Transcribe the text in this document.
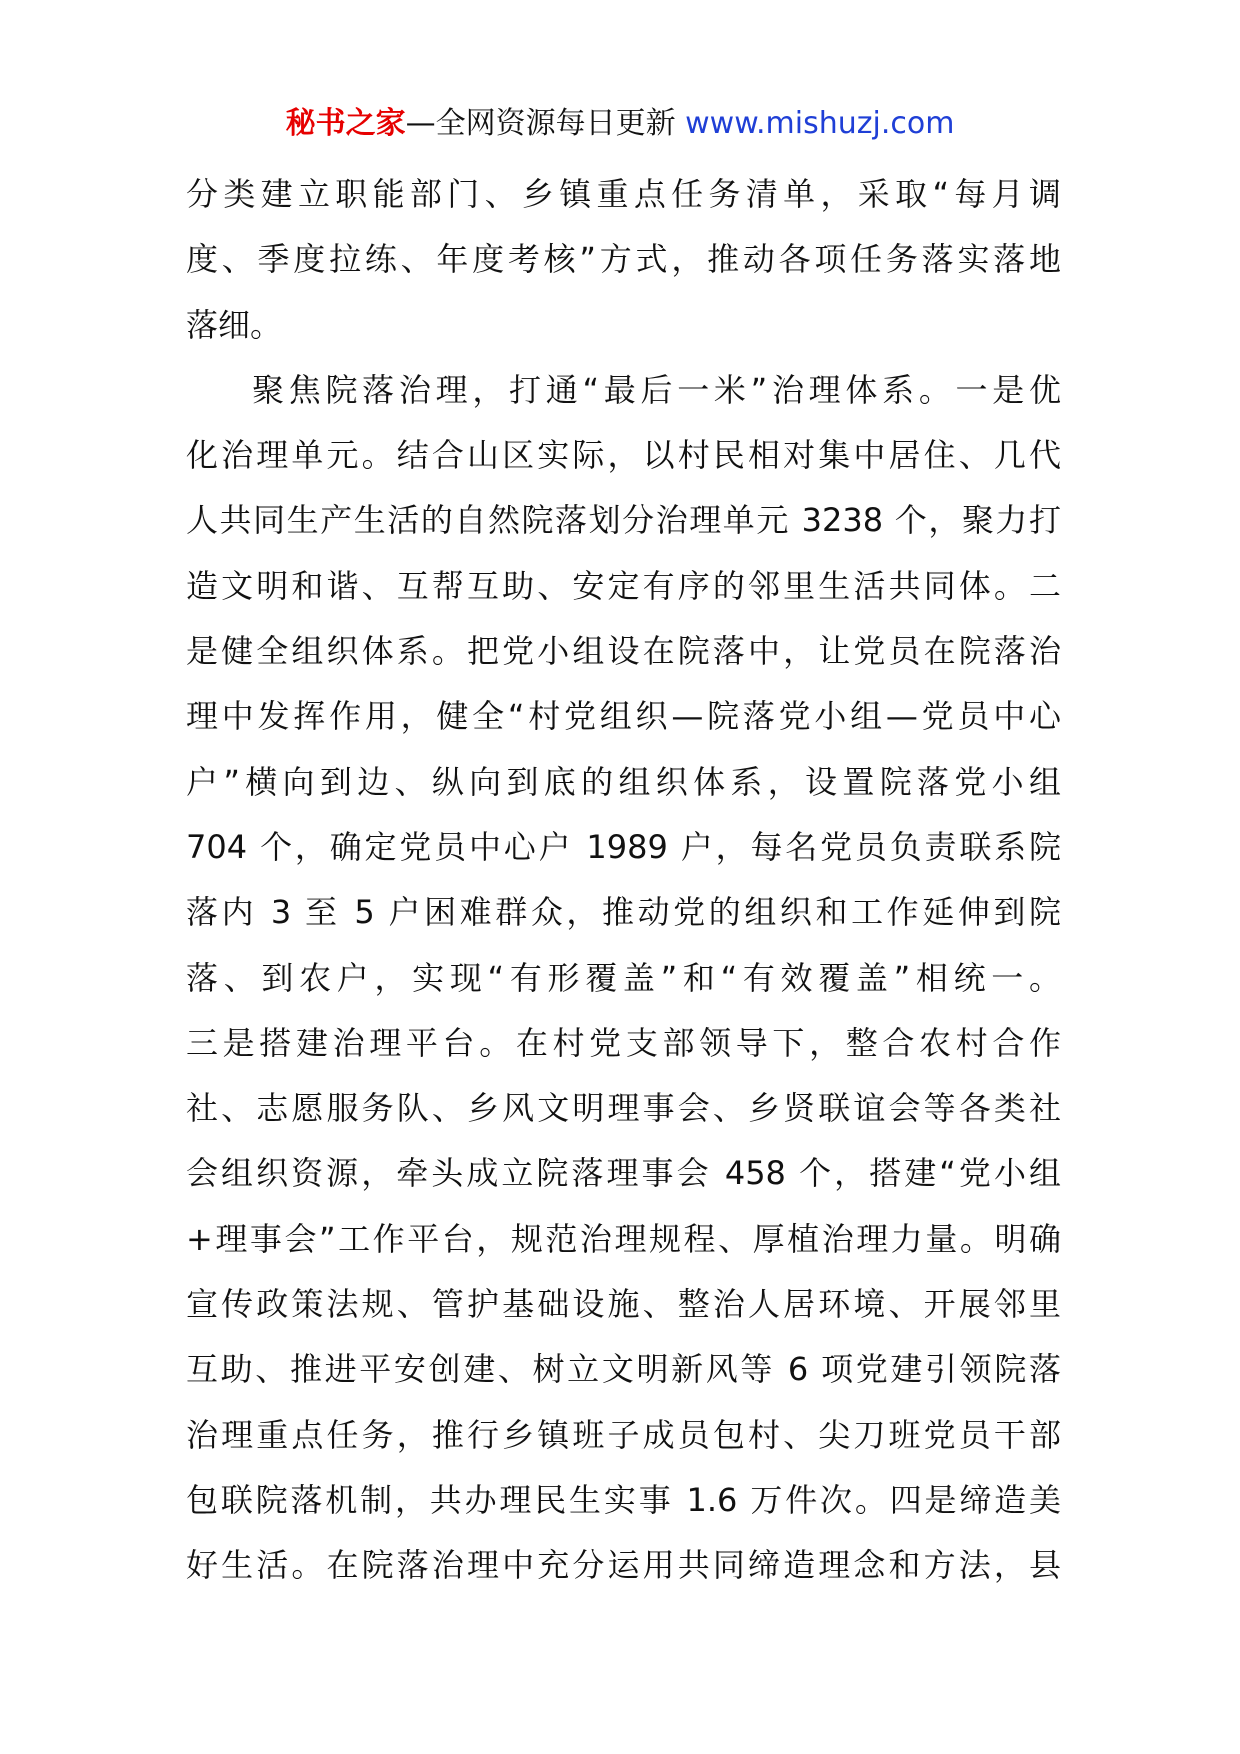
秘书之家—全网资源每日更新 www.mishuzj.com
分类建立职能部门、乡镇重点任务清单，采取“每月调
度、季度拉练、年度考核”方式，推动各项任务落实落地
落细。
聚焦院落治理，打通“最后一米”治理体系。一是优
化治理单元。结合山区实际，以村民相对集中居住、几代
人共同生产生活的自然院落划分治理单元 3238 个，聚力打
造文明和谐、互帮互助、安定有序的邻里生活共同体。二
是健全组织体系。把党小组设在院落中，让党员在院落治
理中发挥作用，健全“村党组织—院落党小组—党员中心
户”横向到边、纵向到底的组织体系，设置院落党小组
704 个，确定党员中心户 1989 户，每名党员负责联系院
落内 3 至 5 户困难群众，推动党的组织和工作延伸到院
落、到农户，实现“有形覆盖”和“有效覆盖”相统一。
三是搭建治理平台。在村党支部领导下，整合农村合作
社、志愿服务队、乡风文明理事会、乡贤联谊会等各类社
会组织资源，牵头成立院落理事会 458 个，搭建“党小组
+理事会”工作平台，规范治理规程、厚植治理力量。明确
宣传政策法规、管护基础设施、整治人居环境、开展邻里
互助、推进平安创建、树立文明新风等 6 项党建引领院落
治理重点任务，推行乡镇班子成员包村、尖刀班党员干部
包联院落机制，共办理民生实事 1.6 万件次。四是缔造美
好生活。在院落治理中充分运用共同缔造理念和方法，县
